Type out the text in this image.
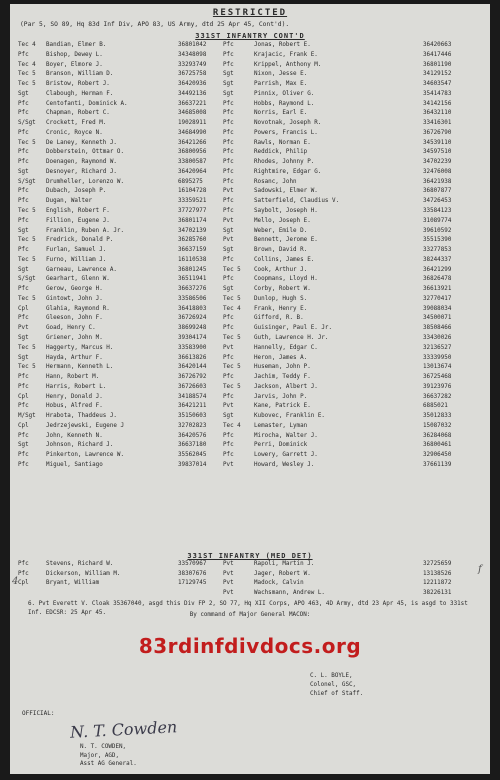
RESTRICTED
(Par 5, SO 89, Hq 83d Inf Div, APO 83, US Army, dtd 25 Apr 45, Cont'd).
331ST INFANTRY CONT'D
Tec 4 Bandian, Elmer B.	36801042	Pfc	Jonas, Robert E.	36420663
Pfc	Bishop, Dewey L.	34348098	Pfc	Krajacic, Frank E.	36417446
Tec 4 Boyer, Elmore J.	33293749	Pfc	Krippel, Anthony M.	36801190
Tec 5 Branson, William D.	36725758	Sgt	Nixon, Jesse E.	34129152
Tec 5 Bristow, Robert J.	36420936	Sgt	Parrish, Max E.	34603547
Sgt	Clabough, Herman F.	34492136	Sgt	Pinnix, Oliver G.	35414783
Pfc	Centofanti, Dominick A.	36637221	Pfc	Hobbs, Raymond L.	34142156
Pfc	Chapman, Robert C.	34685008	Pfc	Norris, Earl E.	36432110
S/Sgt Crockett, Fred M.	19028911	Pfc	Novotnak, Joseph R.	33416301
Pfc	Cronic, Royce N.	34684990	Pfc	Powers, Francis L.	36726790
Tec 5 De Laney, Kenneth J.	36421266	Pfc	Rawls, Norman E.	34539110
Pfc	Dobberstein, Ottmar O.	36800956	Pfc	Reddick, Philip	34597510
Pfc	Doenagen, Raymond W.	33800587	Pfc	Rhodes, Johnny P.	34702239
Sgt	Desnoyer, Richard J.	36420964	Pfc	Rightmire, Edgar G.	32476008
S/Sgt Drumheller, Lorenzo W.	6895275	Pfc	Rosanc, John	36421938
Pfc	Dubach, Joseph P.	16104728	Pvt	Sadowski, Elmer W.	36807877
Pfc	Dugan, Walter	33359521	Pfc	Satterfield, Claudius V.	34726453
Tec 5 English, Robert F.	37727977	Pfc	Saybolt, Joseph H.	33584123
Pfc	Fillion, Eugene J.	36801174	Pvt	Mello, Joseph E.	31089774
Sgt	Franklin, Ruben A. Jr.	34702139	Sgt	Weber, Emile D.	39610592
Tec 5 Fredrick, Donald P.	36285760	Pvt	Bennett, Jerome E.	35515390
Pfc	Furlan, Samuel J.	36637159	Sgt	Brown, David R.	33277853
Tec 5 Furno, William J.	16110538	Pfc	Collins, James E.	38244337
Sgt	Garneau, Lawrence A.	36801245	Tec 5 Cook, Arthur J.	36421299
S/Sgt Gearhart, Glenn W.	36511941	Pfc	Coopmans, Lloyd H.	36826478
Pfc	Gerow, George H.	36637276	Sgt	Corby, Robert W.	36613921
Tec 5 Gintowt, John J.	33586506	Tec 5 Dunlop, Hugh S.	32770417
Cpl	Glahia, Raymond R.	36418803	Tec 4 Frank, Henry E.	39088034
Pfc	Gleeson, John F.	36726924	Pfc	Gifford, R. B.	34500071
Pvt	Goad, Henry C.	38699248	Pfc	Guisinger, Paul E. Jr.	38508466
Sgt	Griener, John M.	39304174	Tec 5 Guth, Lawrence H. Jr.	33430026
Tec 5 Haggerty, Marcus H.	33583900	Pvt	Hannelly, Edgar C.	32136527
Sgt	Hayda, Arthur F.	36613826	Pfc	Heron, James A.	33339950
Tec 5 Hermann, Kenneth L.	36420144	Tec 5 Huseman, John P.	13013674
Pfc	Hann, Robert M.	36726792	Pfc	Jachim, Teddy F.	36725468
Pfc	Harris, Robert L.	36726603	Tec 5 Jackson, Albert J.	39123976
Cpl	Henry, Donald J.	34188574	Pfc	Jarvis, John P.	36637282
Pfc	Hobus, Alfred F.	36421211	Pvt	Kane, Patrick E.	6885021
M/Sgt Hrabota, Thaddeus J.	35150603	Sgt	Kubovec, Franklin E.	35012833
Cpl	Jedrzejewski, Eugene J	32702823	Tec 4 Lemaster, Lyman	15087032
Pfc	John, Kenneth N.	36420576	Pfc	Mirocha, Walter J.	36284068
Sgt	Johnson, Richard J.	36637180	Pfc	Perri, Dominick	36800461
Pfc	Pinkerton, Lawrence W.	35562045	Pfc	Lowery, Garrett J.	32906450
Pfc	Miguel, Santiago	39837014	Pvt	Howard, Wesley J.	37661139
331ST INFANTRY (MED DET)
Pfc	Stevens, Richard W.	33570967	Pvt	Rapoli, Martin J.	32725659
Pfc	Dickerson, William M.	38307676	Pvt	Jager, Robert W.	13138526
Cpl	Bryant, William	17129745	Pvt	Madock, Calvin	12211872
Pvt	Wachsmann, Andrew L.	38226131
6. Pvt Everett V. Cloak 35367040, asgd this Div FP 2, SO 77, Hq XII Corps, APO 463, 4D Army, dtd 23 Apr 45, is asgd to 331st Inf. EDCSR: 25 Apr 45.	By command of Major General MACON:
83rdinfdivdocs.org
C. L. BOYLE,
Colonel, GSC,
Chief of Staff.
OFFICIAL:
N. T. Cowden
N. T. COWDEN,
Major, AGD,
Asst AG General.
4
f
